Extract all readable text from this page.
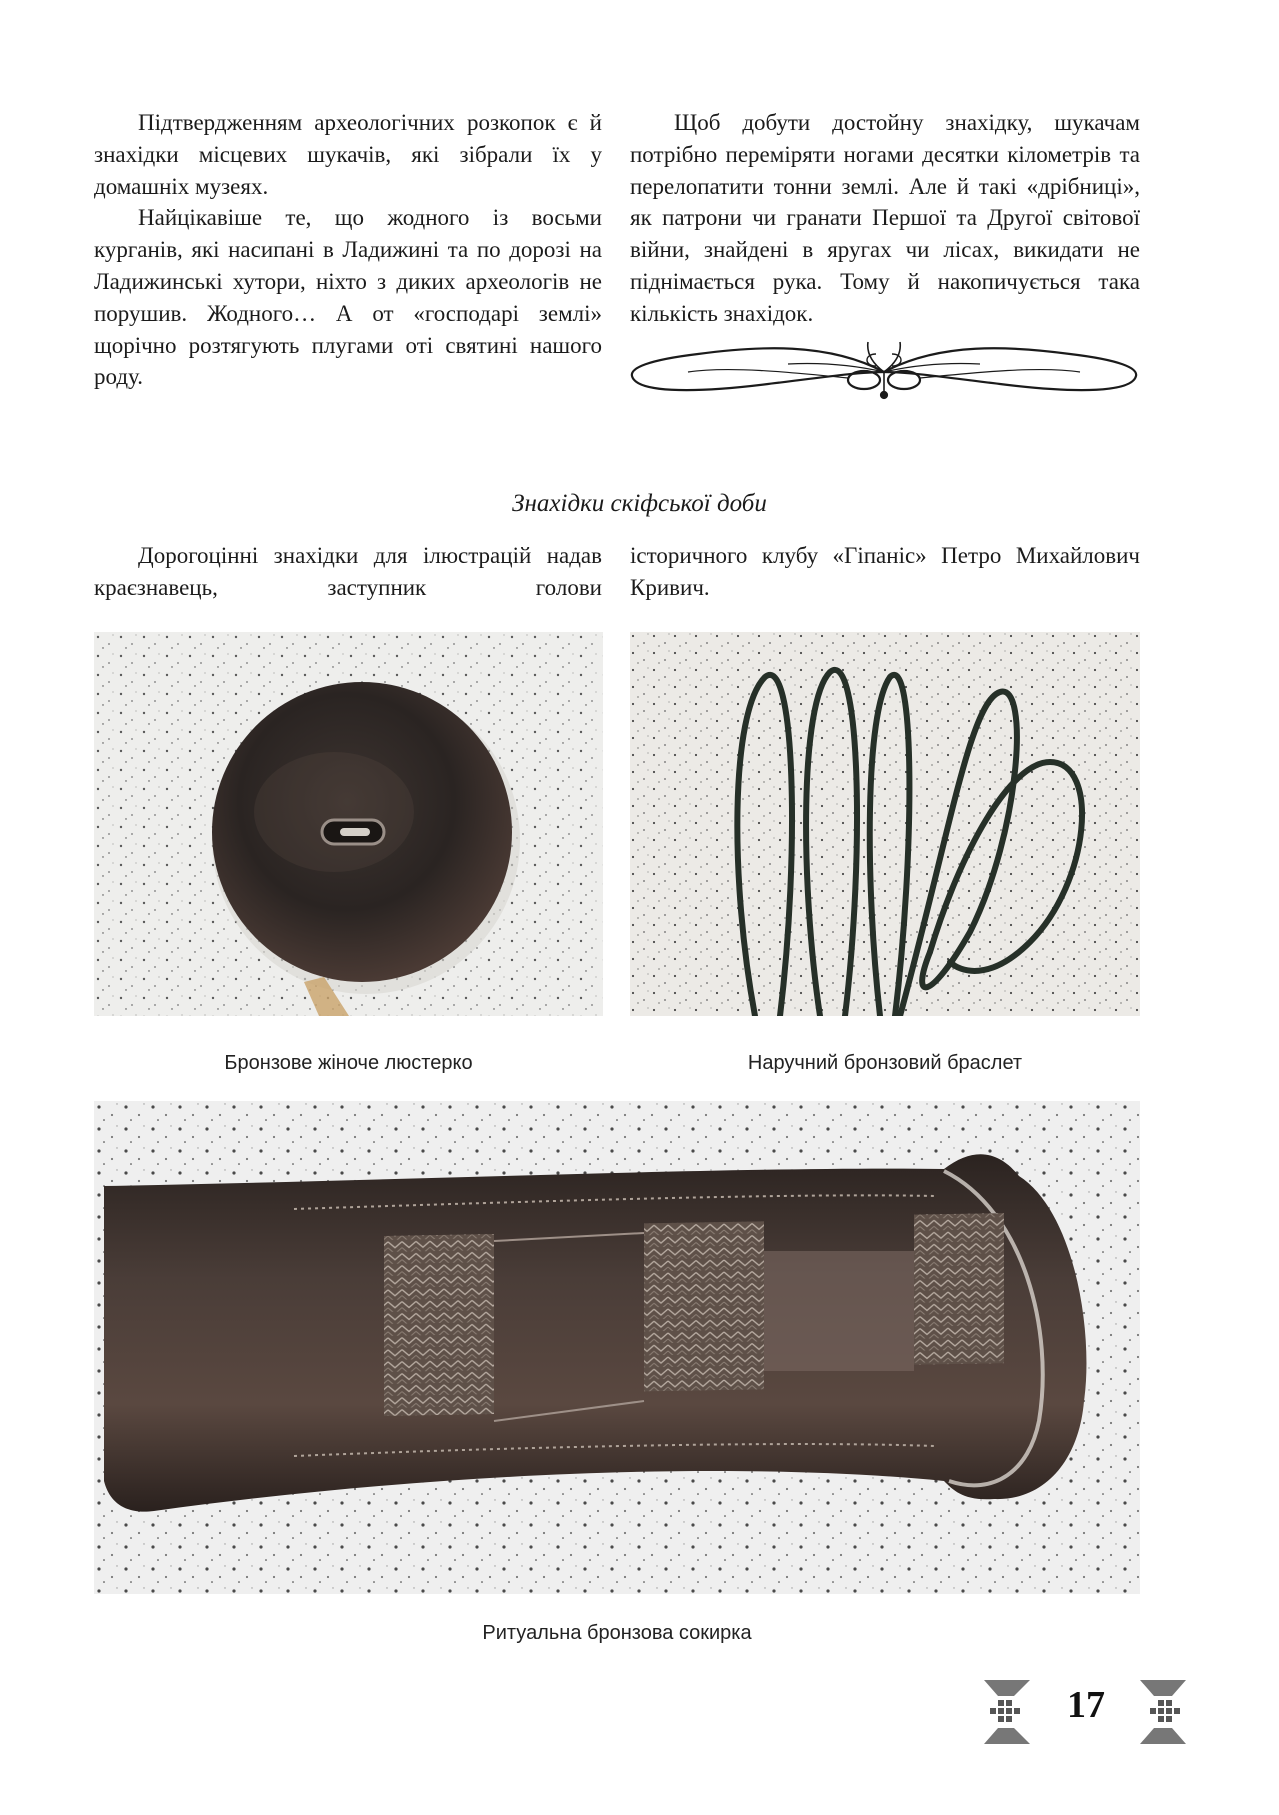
Підтвердженням археологічних розкопок є й знахідки місцевих шукачів, які зібрали їх у домашніх музеях.

Найцікавіше те, що жодного із восьми курганів, які насипані в Ладижині та по дорозі на Ладижинські хутори, ніхто з диких археологів не порушив. Жодного… А от «господарі землі» щорічно розтягують плугами оті святині нашого роду.

Щоб добути достойну знахідку, шукачам потрібно переміряти ногами десятки кілометрів та перелопатити тонни землі. Але й такі «дрібниці», як патрони чи гранати Першої та Другої світової війни, знайдені в яругах чи лісах, викидати не піднімається рука. Тому й накопичується така кількість знахідок.

Знахідки скіфської доби

Дорогоцінні знахідки для ілюстрацій надав краєзнавець, заступник голови

історичного клубу «Гіпаніс» Петро Михайлович Кривич.

Бронзове жіноче люстерко	Наручний бронзовий браслет
Ритуальна бронзова сокирка
17
